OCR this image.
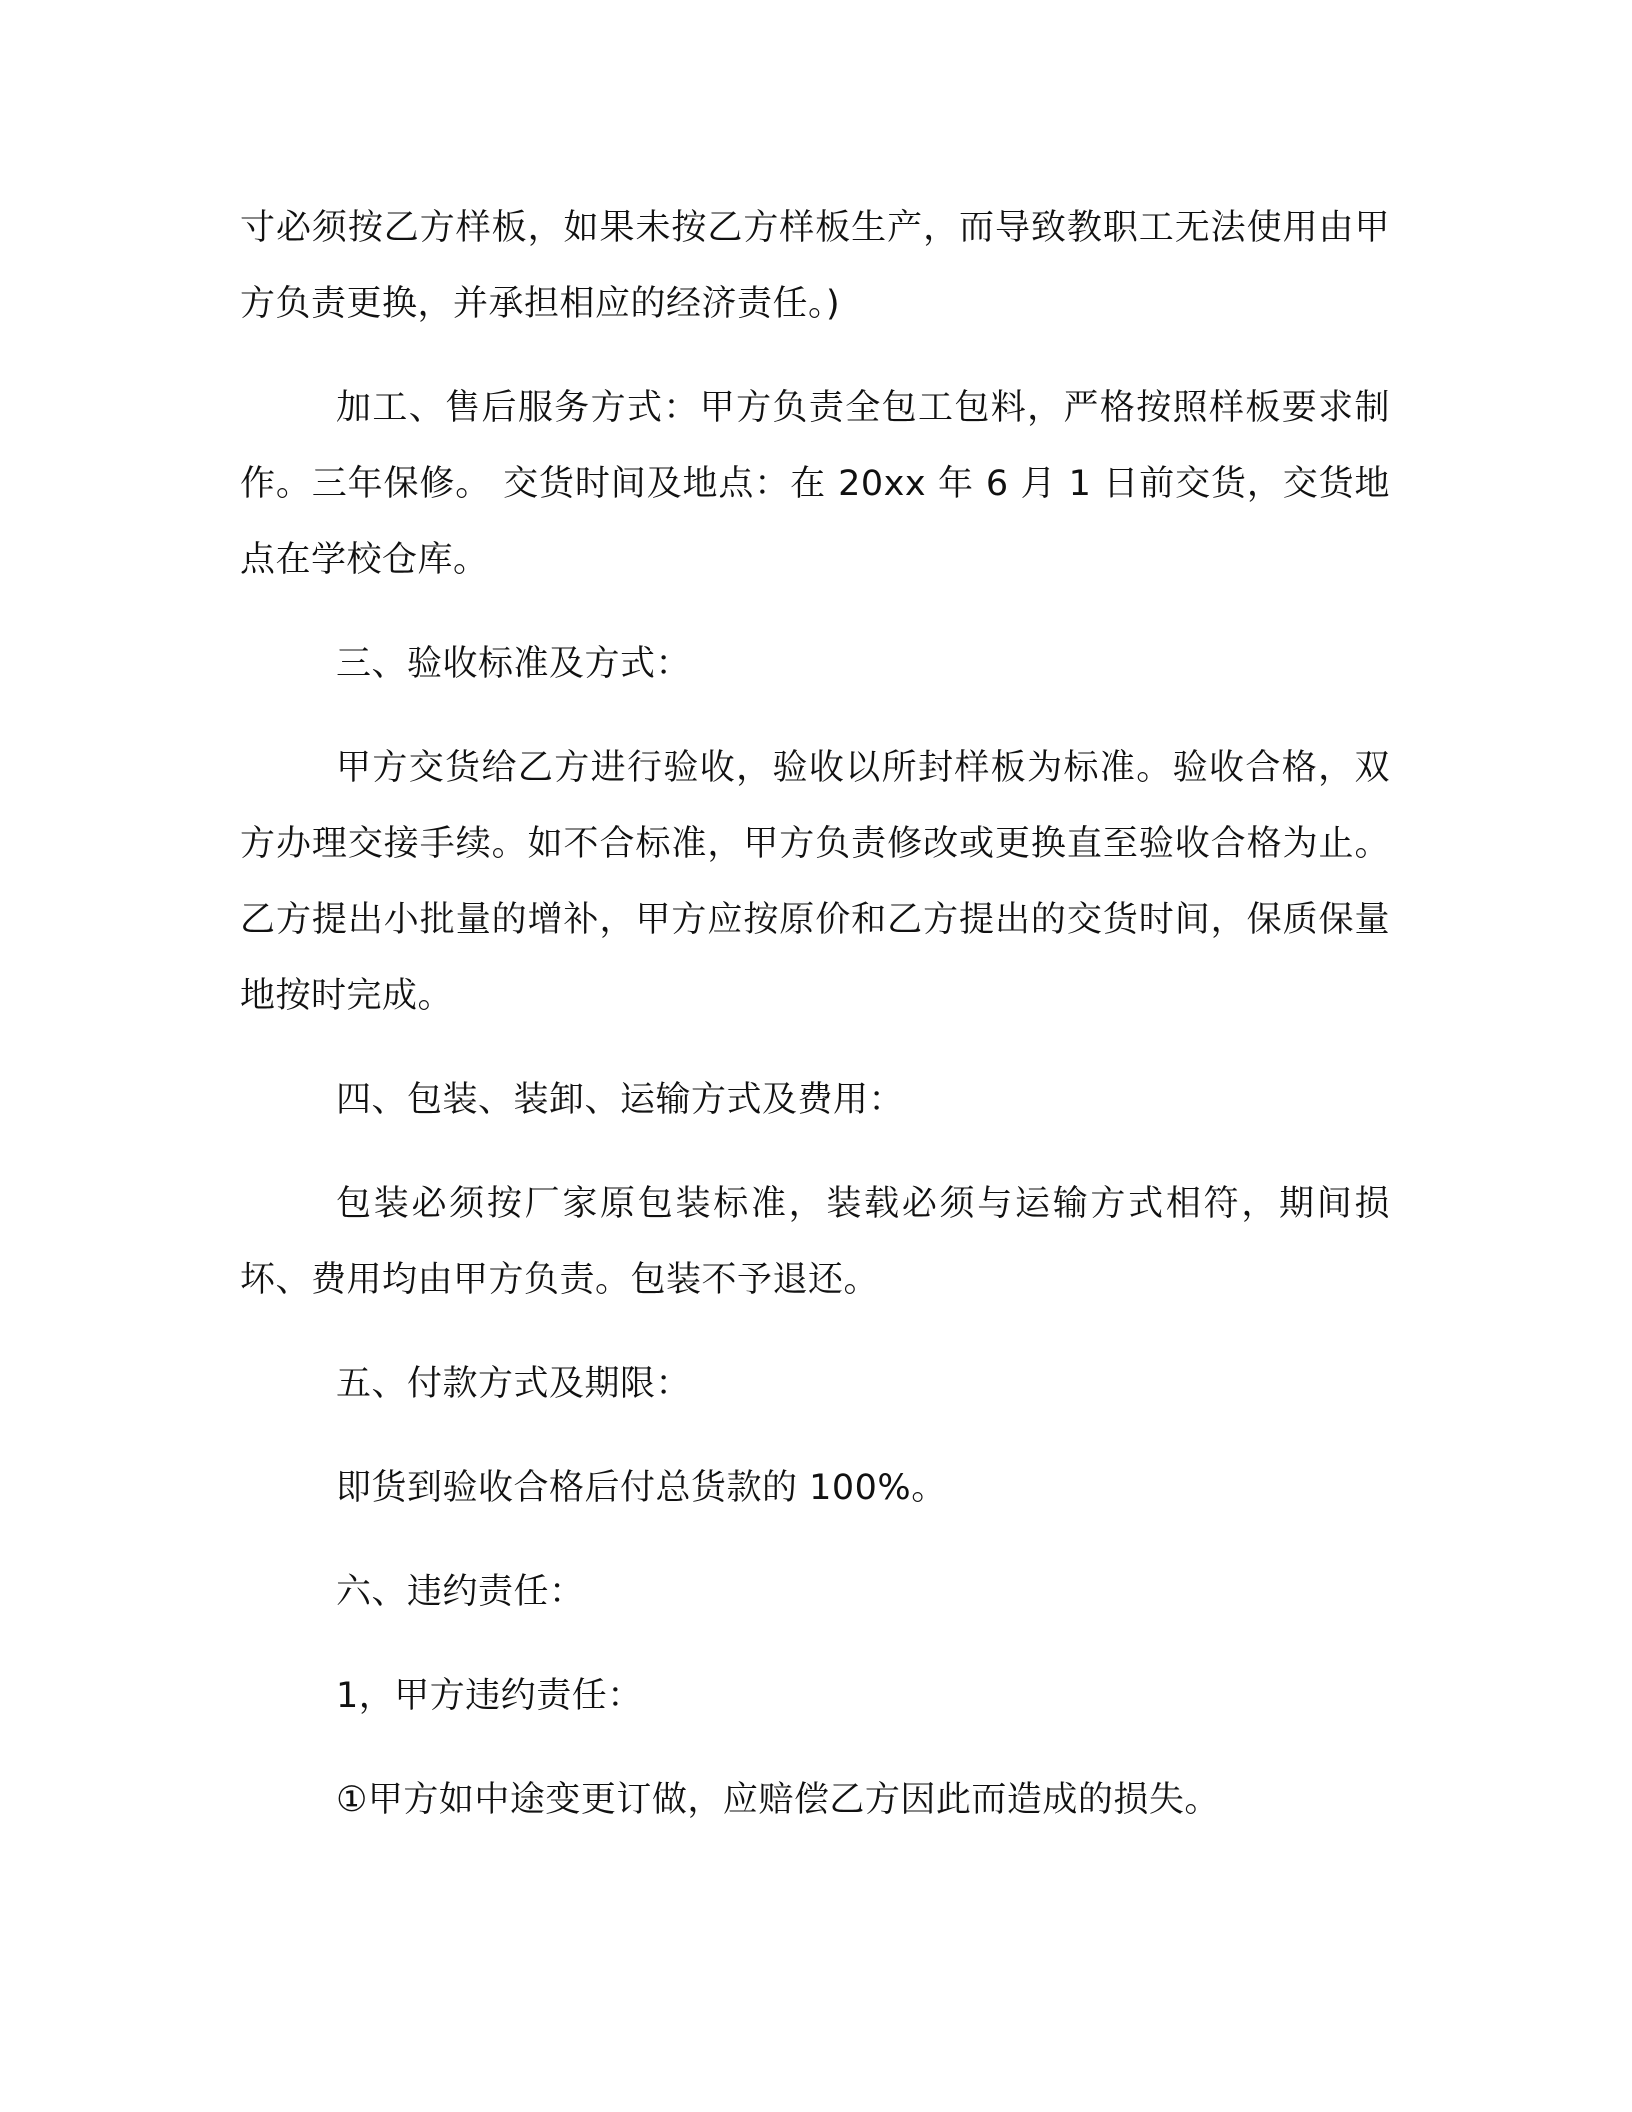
寸必须按乙方样板，如果未按乙方样板生产，而导致教职工无法使用由甲方负责更换，并承担相应的经济责任。)

加工、售后服务方式：甲方负责全包工包料，严格按照样板要求制作。三年保修。 交货时间及地点：在 20xx 年 6 月 1 日前交货，交货地点在学校仓库。

三、验收标准及方式：

甲方交货给乙方进行验收，验收以所封样板为标准。验收合格，双方办理交接手续。如不合标准，甲方负责修改或更换直至验收合格为止。乙方提出小批量的增补，甲方应按原价和乙方提出的交货时间，保质保量地按时完成。

四、包装、装卸、运输方式及费用：

包装必须按厂家原包装标准，装载必须与运输方式相符，期间损坏、费用均由甲方负责。包装不予退还。

五、付款方式及期限：

即货到验收合格后付总货款的 100%。

六、违约责任：

1，甲方违约责任：

①甲方如中途变更订做，应赔偿乙方因此而造成的损失。
